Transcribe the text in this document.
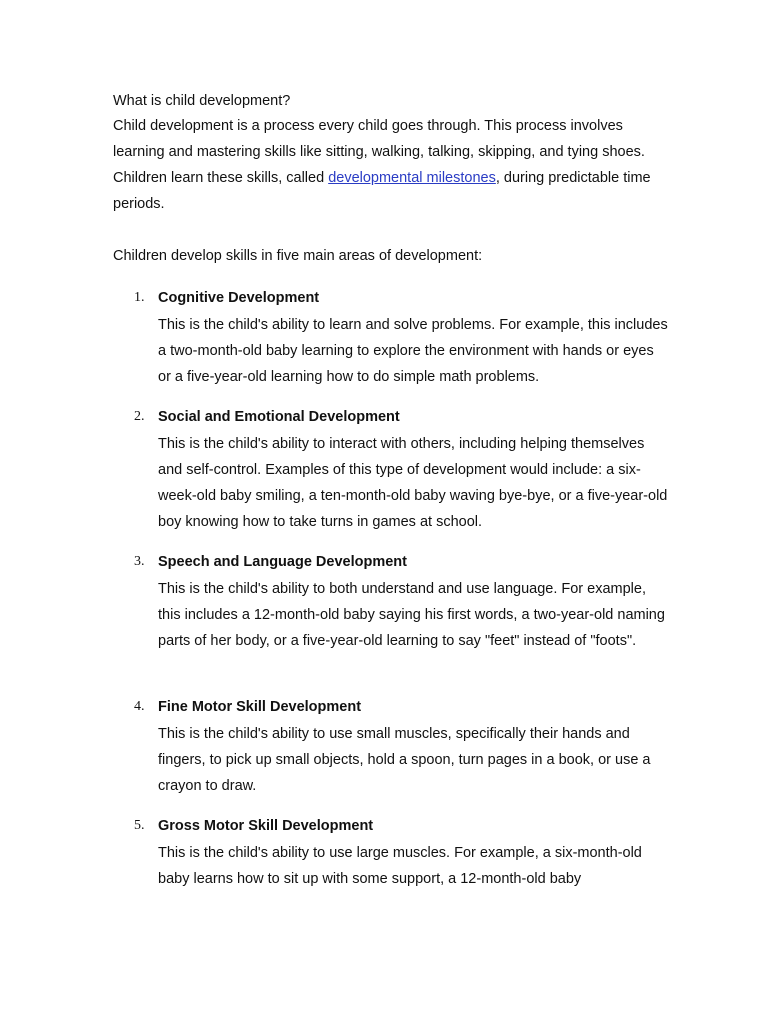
What is child development?
Child development is a process every child goes through. This process involves learning and mastering skills like sitting, walking, talking, skipping, and tying shoes. Children learn these skills, called developmental milestones, during predictable time periods.
Children develop skills in five main areas of development:
1. Cognitive Development
This is the child's ability to learn and solve problems. For example, this includes a two-month-old baby learning to explore the environment with hands or eyes or a five-year-old learning how to do simple math problems.
2. Social and Emotional Development
This is the child's ability to interact with others, including helping themselves and self-control. Examples of this type of development would include: a six-week-old baby smiling, a ten-month-old baby waving bye-bye, or a five-year-old boy knowing how to take turns in games at school.
3. Speech and Language Development
This is the child's ability to both understand and use language. For example, this includes a 12-month-old baby saying his first words, a two-year-old naming parts of her body, or a five-year-old learning to say "feet" instead of "foots".
4. Fine Motor Skill Development
This is the child's ability to use small muscles, specifically their hands and fingers, to pick up small objects, hold a spoon, turn pages in a book, or use a crayon to draw.
5. Gross Motor Skill Development
This is the child's ability to use large muscles. For example, a six-month-old baby learns how to sit up with some support, a 12-month-old baby
